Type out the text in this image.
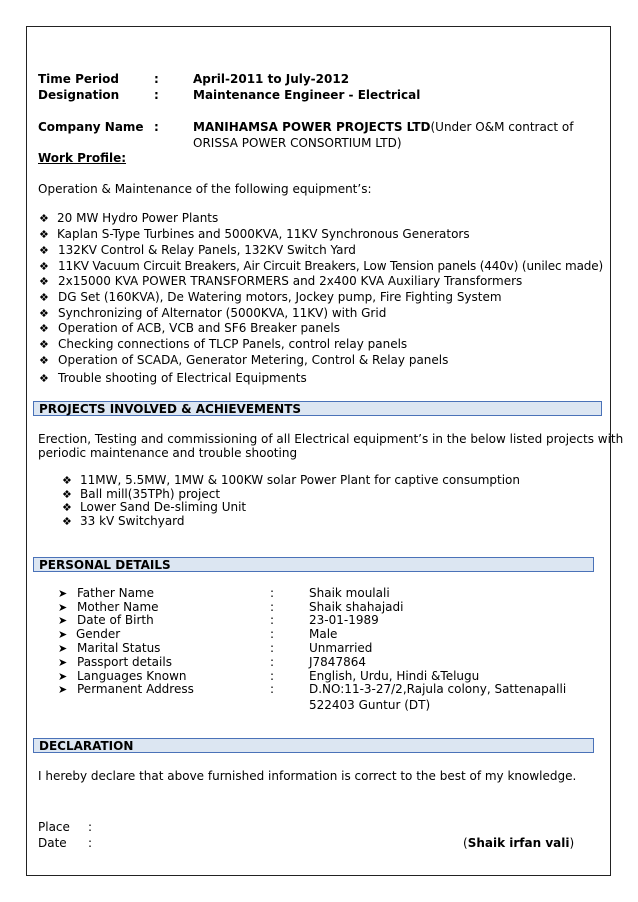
Time Period	:	April-2011 to July-2012
Designation	:	Maintenance Engineer - Electrical
Company Name :	MANIHAMSA POWER PROJECTS LTD(Under O&M contract of
ORISSA POWER CONSORTIUM LTD)
Work Profile:
Operation & Maintenance of the following equipment’s:
❖ 20 MW Hydro Power Plants
❖ Kaplan S-Type Turbines and 5000KVA, 11KV Synchronous Generators
❖ 132KV Control & Relay Panels, 132KV Switch Yard
❖ 11KV Vacuum Circuit Breakers, Air Circuit Breakers, Low Tension panels (440v) (unilec made)
❖ 2x15000 KVA POWER TRANSFORMERS and 2x400 KVA Auxiliary Transformers
❖ DG Set (160KVA), De Watering motors, Jockey pump, Fire Fighting System
❖ Synchronizing of Alternator (5000KVA, 11KV) with Grid
❖ Operation of ACB, VCB and SF6 Breaker panels
❖ Checking connections of TLCP Panels, control relay panels
❖ Operation of SCADA, Generator Metering, Control & Relay panels
❖ Trouble shooting of Electrical Equipments
PROJECTS INVOLVED & ACHIEVEMENTS
Erection, Testing and commissioning of all Electrical equipment’s in the below listed projects with
periodic maintenance and trouble shooting
❖ 11MW, 5.5MW, 1MW & 100KW solar Power Plant for captive consumption
❖ Ball mill(35TPh) project
❖ Lower Sand De-sliming Unit
❖ 33 kV Switchyard
PERSONAL DETAILS
➤ Father Name	:	Shaik moulali
➤ Mother Name	:	Shaik shahajadi
➤ Date of Birth	:	23-01-1989
➤ Gender	:	Male
➤ Marital Status	:	Unmarried
➤ Passport details	:	J7847864
➤ Languages Known	:	English, Urdu, Hindi &Telugu
➤ Permanent Address	:	D.NO:11-3-27/2,Rajula colony, Sattenapalli
522403 Guntur (DT)
DECLARATION
I hereby declare that above furnished information is correct to the best of my knowledge.
Place :
Date :	(Shaik irfan vali)
